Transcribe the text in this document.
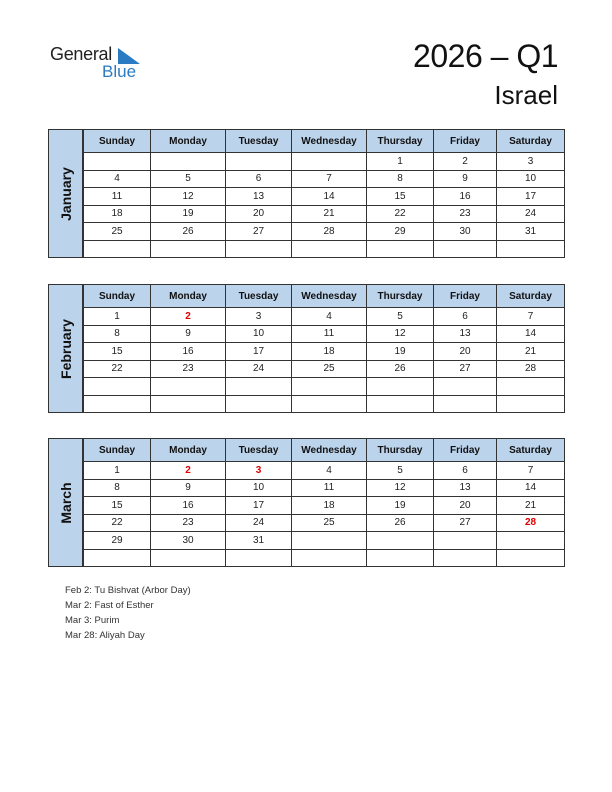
General
Blue	2026 – Q1
Israel
January
Sunday	Monday	Tuesday	Wednesday	Thursday	Friday	Saturday
				1	2	3
4	5	6	7	8	9	10
11	12	13	14	15	16	17
18	19	20	21	22	23	24
25	26	27	28	29	30	31

February
Sunday	Monday	Tuesday	Wednesday	Thursday	Friday	Saturday
1	2	3	4	5	6	7
8	9	10	11	12	13	14
15	16	17	18	19	20	21
22	23	24	25	26	27	28

March
Sunday	Monday	Tuesday	Wednesday	Thursday	Friday	Saturday
1	2	3	4	5	6	7
8	9	10	11	12	13	14
15	16	17	18	19	20	21
22	23	24	25	26	27	28
29	30	31				

Feb 2: Tu Bishvat (Arbor Day)
Mar 2: Fast of Esther
Mar 3: Purim
Mar 28: Aliyah Day
